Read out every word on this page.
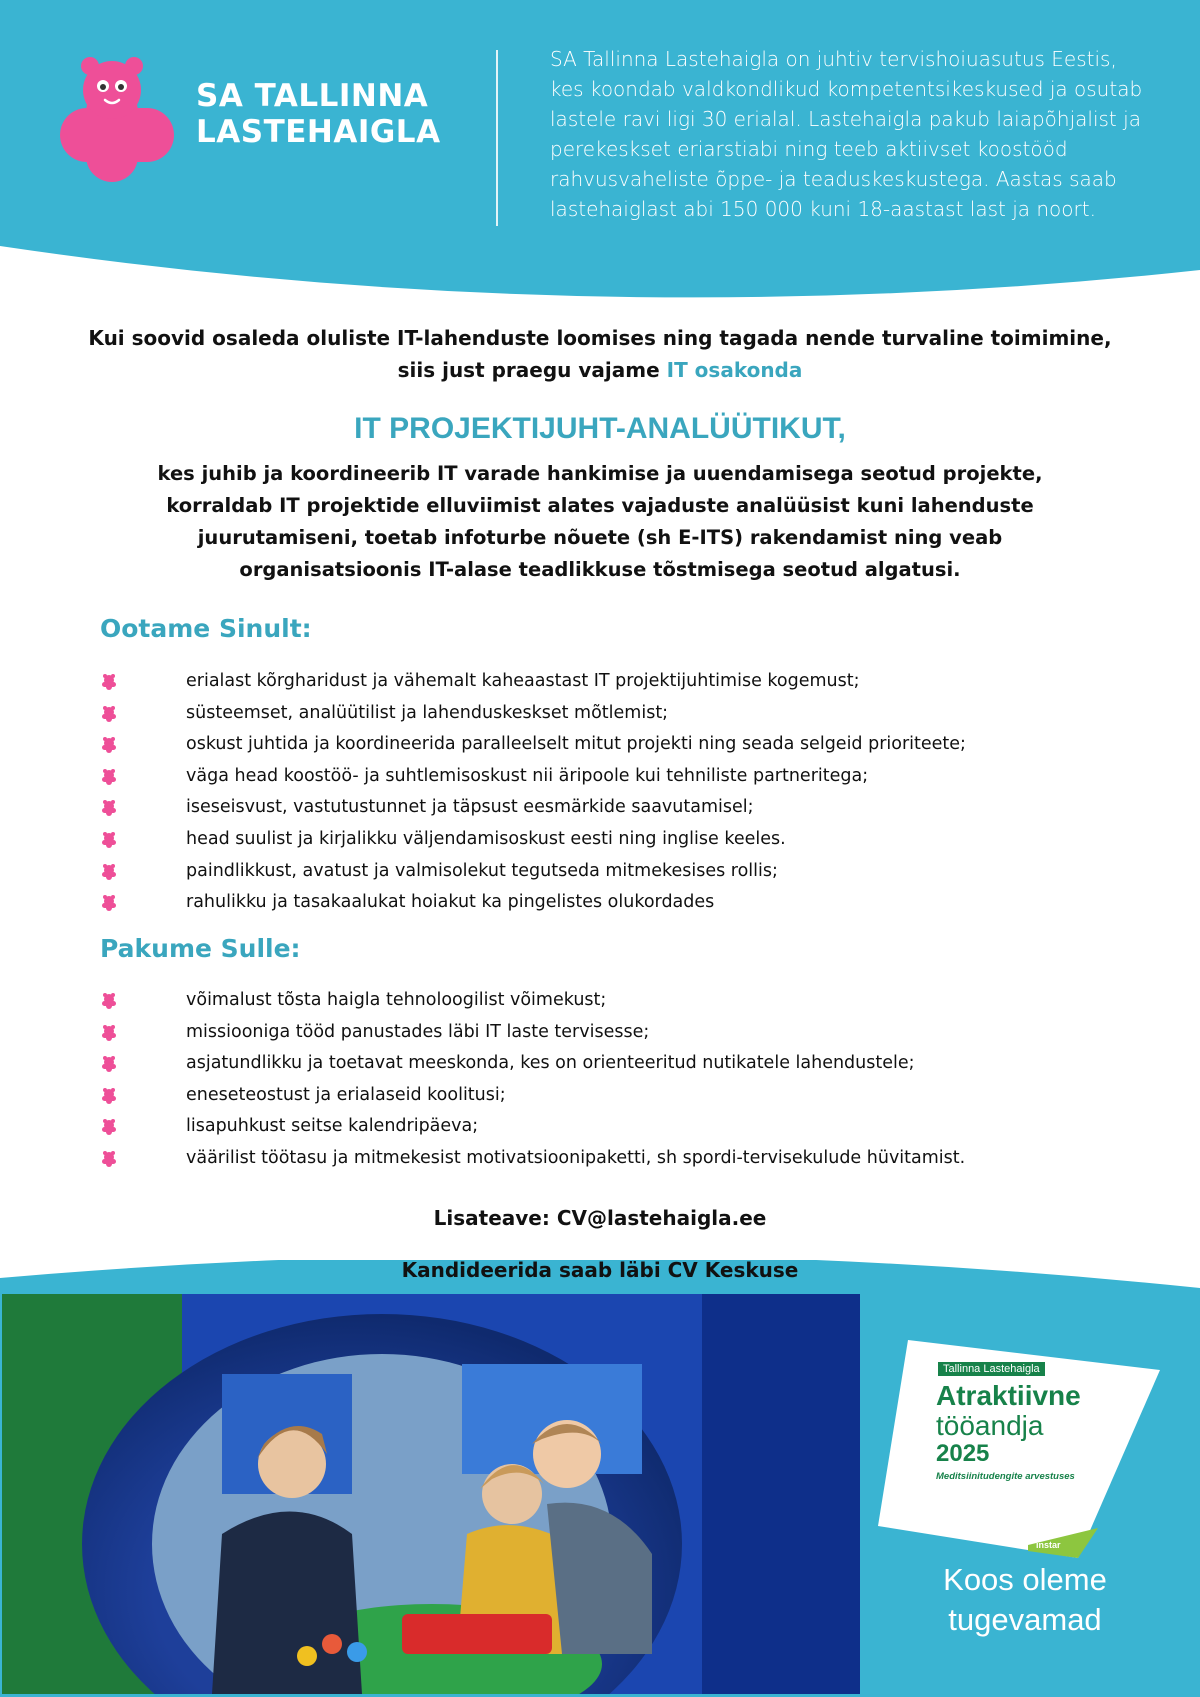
SA TALLINNA
LASTEHAIGLA

SA Tallinna Lastehaigla on juhtiv tervishoiuasutus Eestis, kes koondab valdkondlikud kompetentsikeskused ja osutab lastele ravi ligi 30 erialal. Lastehaigla pakub laiapõhjalist ja perekeskset eriarstiabi ning teeb aktiivset koostööd rahvusvaheliste õppe- ja teaduskeskustega. Aastas saab lastehaiglast abi 150 000 kuni 18-aastast last ja noort.

Kui soovid osaleda oluliste IT-lahenduste loomises ning tagada nende turvaline toimimine, siis just praegu vajame IT osakonda

IT PROJEKTIJUHT-ANALÜÜTIKUT,

kes juhib ja koordineerib IT varade hankimise ja uuendamisega seotud projekte, korraldab IT projektide elluviimist alates vajaduste analüüsist kuni lahenduste juurutamiseni, toetab infoturbe nõuete (sh E-ITS) rakendamist ning veab organisatsioonis IT-alase teadlikkuse tõstmisega seotud algatusi.

Ootame Sinult:
erialast kõrgharidust ja vähemalt kaheaastast IT projektijuhtimise kogemust;
süsteemset, analüütilist ja lahenduskeskset mõtlemist;
oskust juhtida ja koordineerida paralleelselt mitut projekti ning seada selgeid prioriteete;
väga head koostöö- ja suhtlemisoskust nii äripoole kui tehniliste partneritega;
iseseisvust, vastutustunnet ja täpsust eesmärkide saavutamisel;
head suulist ja kirjalikku väljendamisoskust eesti ning inglise keeles.
paindlikkust, avatust ja valmisolekut tegutseda mitmekesises rollis;
rahulikku ja tasakaalukat hoiakut ka pingelistes olukordades
Pakume Sulle:
võimalust tõsta haigla tehnoloogilist võimekust;
missiooniga tööd panustades läbi IT laste tervisesse;
asjatundlikku ja toetavat meeskonda, kes on orienteeritud nutikatele lahendustele;
eneseteostust ja erialaseid koolitusi;
lisapuhkust seitse kalendripäeva;
väärilist töötasu ja mitmekesist motivatsioonipaketti, sh spordi-tervisekulude hüvitamist.

Lisateave: CV@lastehaigla.ee

Kandideerida saab läbi CV Keskuse

Tallinna Lastehaigla
Atraktiivne
tööandja
2025
Meditsiinitudengite arvestuses
instar

Koos oleme tugevamad
